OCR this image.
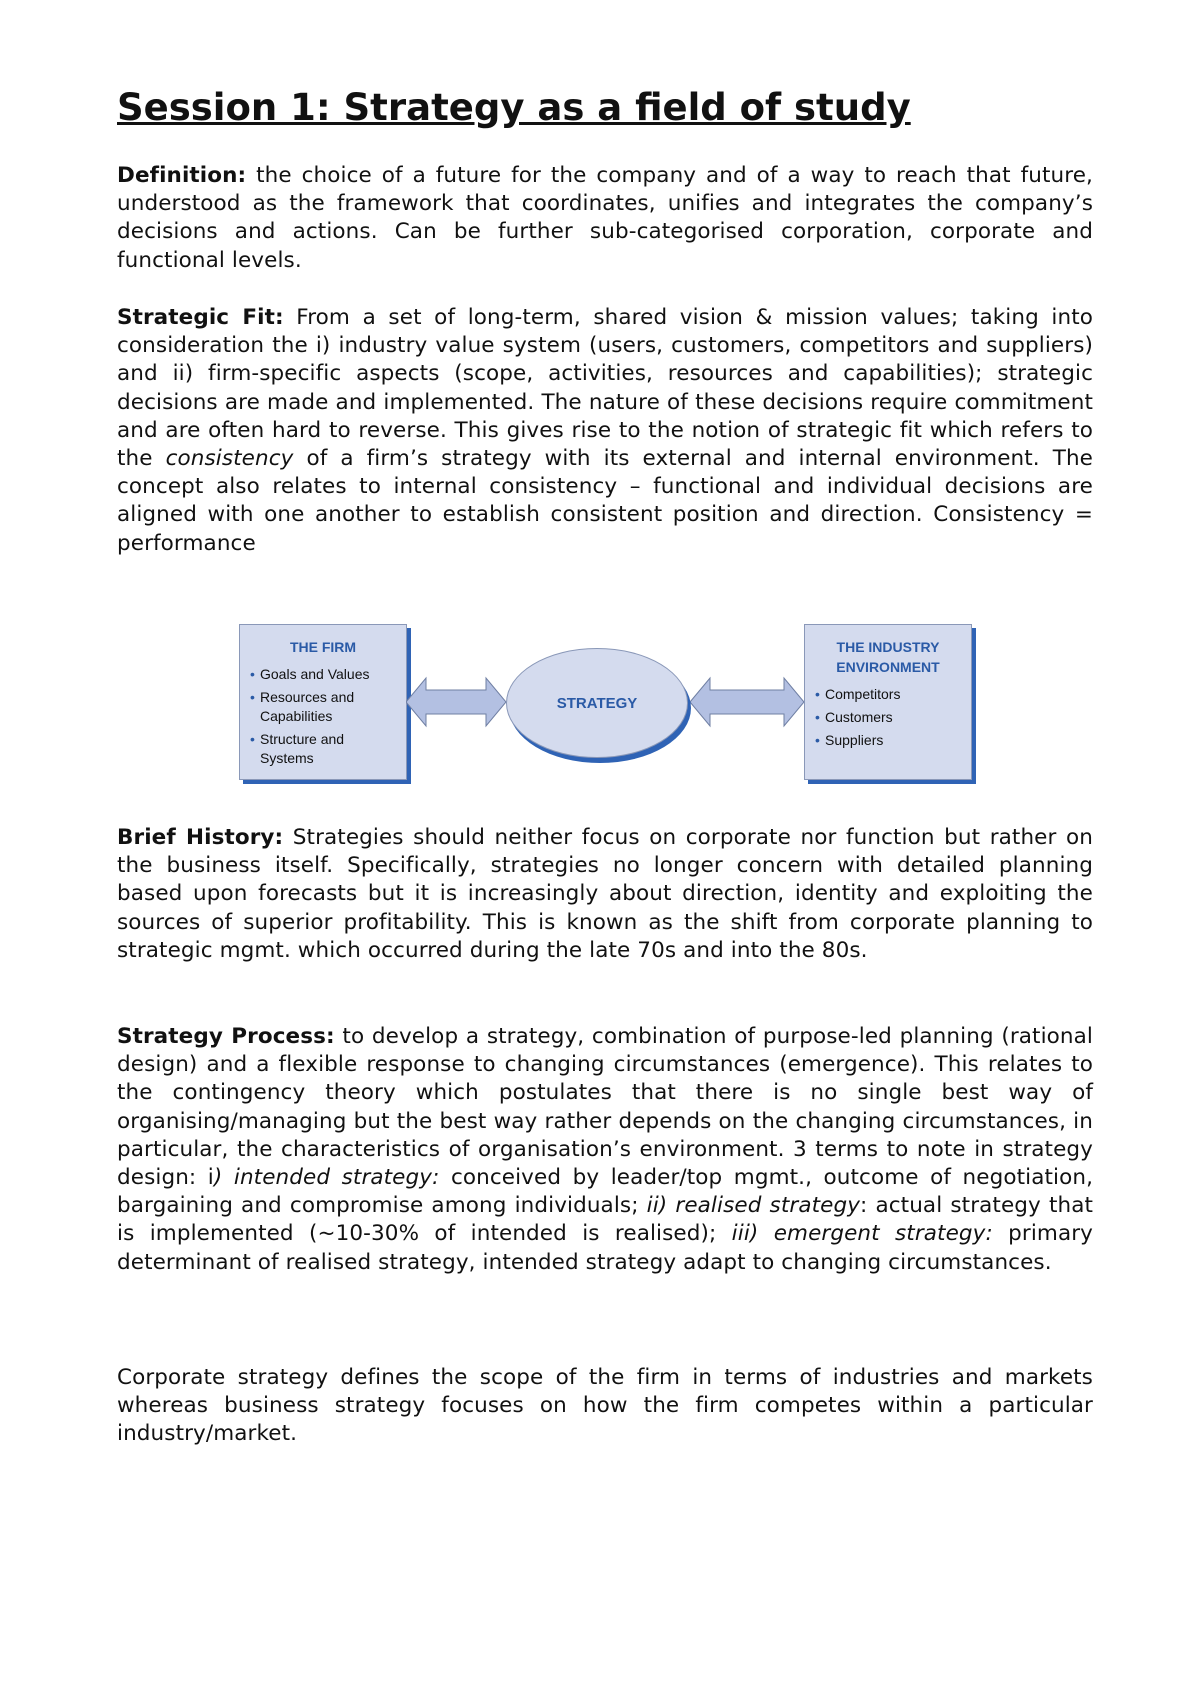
Session 1: Strategy as a field of study

Definition: the choice of a future for the company and of a way to reach that future, understood as the framework that coordinates, unifies and integrates the company’s decisions and actions. Can be further sub-categorised corporation, corporate and functional levels.

Strategic Fit: From a set of long-term, shared vision & mission values; taking into consideration the i) industry value system (users, customers, competitors and suppliers) and ii) firm-specific aspects (scope, activities, resources and capabilities); strategic decisions are made and implemented. The nature of these decisions require commitment and are often hard to reverse. This gives rise to the notion of strategic fit which refers to the consistency of a firm’s strategy with its external and internal environment. The concept also relates to internal consistency – functional and individual decisions are aligned with one another to establish consistent position and direction. Consistency = performance

Brief History: Strategies should neither focus on corporate nor function but rather on the business itself. Specifically, strategies no longer concern with detailed planning based upon forecasts but it is increasingly about direction, identity and exploiting the sources of superior profitability. This is known as the shift from corporate planning to strategic mgmt. which occurred during the late 70s and into the 80s.

Strategy Process: to develop a strategy, combination of purpose-led planning (rational design) and a flexible response to changing circumstances (emergence). This relates to the contingency theory which postulates that there is no single best way of organising/managing but the best way rather depends on the changing circumstances, in particular, the characteristics of organisation’s environment. 3 terms to note in strategy design: i) intended strategy: conceived by leader/top mgmt., outcome of negotiation, bargaining and compromise among individuals; ii) realised strategy: actual strategy that is implemented (~10-30% of intended is realised); iii) emergent strategy: primary determinant of realised strategy, intended strategy adapt to changing circumstances.

Corporate strategy defines the scope of the firm in terms of industries and markets whereas business strategy focuses on how the firm competes within a particular industry/market.

THE FIRM
• Goals and Values
• Resources and Capabilities
• Structure and Systems
STRATEGY
THE INDUSTRY ENVIRONMENT
• Competitors
• Customers
• Suppliers
